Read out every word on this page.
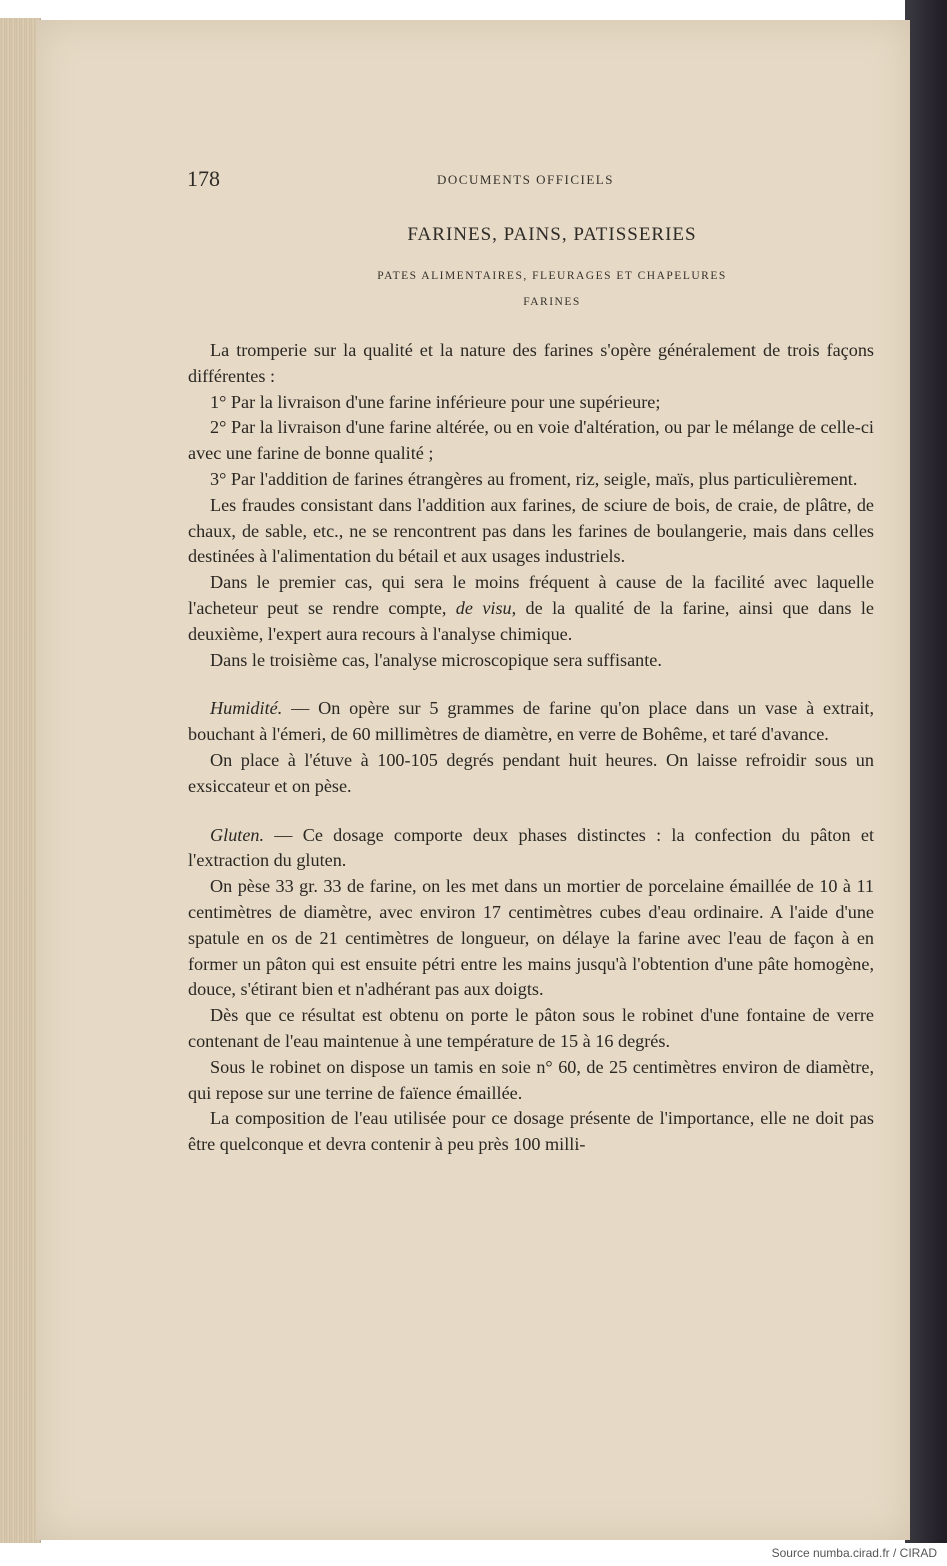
178	DOCUMENTS OFFICIELS
FARINES, PAINS, PATISSERIES
PATES ALIMENTAIRES, FLEURAGES ET CHAPELURES
FARINES

La tromperie sur la qualité et la nature des farines s'opère généralement de trois façons différentes :

1° Par la livraison d'une farine inférieure pour une supérieure;

2° Par la livraison d'une farine altérée, ou en voie d'altération, ou par le mélange de celle-ci avec une farine de bonne qualité ;

3° Par l'addition de farines étrangères au froment, riz, seigle, maïs, plus particulièrement.

Les fraudes consistant dans l'addition aux farines, de sciure de bois, de craie, de plâtre, de chaux, de sable, etc., ne se rencontrent pas dans les farines de boulangerie, mais dans celles destinées à l'alimentation du bétail et aux usages industriels.

Dans le premier cas, qui sera le moins fréquent à cause de la facilité avec laquelle l'acheteur peut se rendre compte, de visu, de la qualité de la farine, ainsi que dans le deuxième, l'expert aura recours à l'analyse chimique.

Dans le troisième cas, l'analyse microscopique sera suffisante.

Humidité. — On opère sur 5 grammes de farine qu'on place dans un vase à extrait, bouchant à l'émeri, de 60 millimètres de diamètre, en verre de Bohême, et taré d'avance.

On place à l'étuve à 100-105 degrés pendant huit heures. On laisse refroidir sous un exsiccateur et on pèse.

Gluten. — Ce dosage comporte deux phases distinctes : la confection du pâton et l'extraction du gluten.

On pèse 33 gr. 33 de farine, on les met dans un mortier de porcelaine émaillée de 10 à 11 centimètres de diamètre, avec environ 17 centimètres cubes d'eau ordinaire. A l'aide d'une spatule en os de 21 centimètres de longueur, on délaye la farine avec l'eau de façon à en former un pâton qui est ensuite pétri entre les mains jusqu'à l'obtention d'une pâte homogène, douce, s'étirant bien et n'adhérant pas aux doigts.

Dès que ce résultat est obtenu on porte le pâton sous le robinet d'une fontaine de verre contenant de l'eau maintenue à une température de 15 à 16 degrés.

Sous le robinet on dispose un tamis en soie n° 60, de 25 centimètres environ de diamètre, qui repose sur une terrine de faïence émaillée.

La composition de l'eau utilisée pour ce dosage présente de l'importance, elle ne doit pas être quelconque et devra contenir à peu près 100 milli-

Source numba.cirad.fr / CIRAD
